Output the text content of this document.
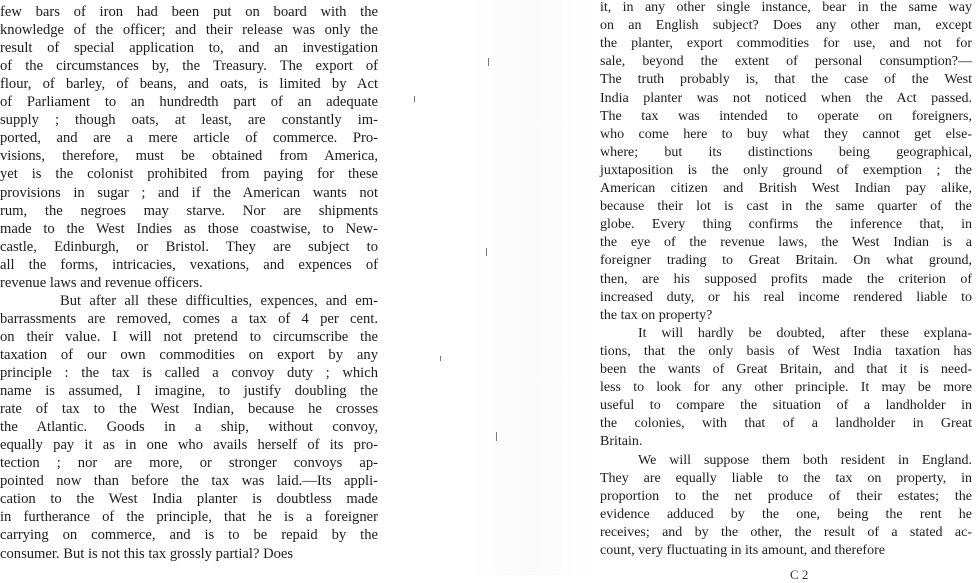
few bars of iron had been put on board with the
knowledge of the officer; and their release was only the
result of special application to, and an investigation
of the circumstances by, the Treasury. The export of
flour, of barley, of beans, and oats, is limited by Act
of Parliament to an hundredth part of an adequate
supply ; though oats, at least, are constantly im-
ported, and are a mere article of commerce. Pro-
visions, therefore, must be obtained from America,
yet is the colonist prohibited from paying for these
provisions in sugar ; and if the American wants not
rum, the negroes may starve. Nor are shipments
made to the West Indies as those coastwise, to New-
castle, Edinburgh, or Bristol. They are subject to
all the forms, intricacies, vexations, and expences of
revenue laws and revenue officers.
But after all these difficulties, expences, and em-
barrassments are removed, comes a tax of 4 per cent.
on their value. I will not pretend to circumscribe the
taxation of our own commodities on export by any
principle : the tax is called a convoy duty ; which
name is assumed, I imagine, to justify doubling the
rate of tax to the West Indian, because he crosses
the Atlantic. Goods in a ship, without convoy,
equally pay it as in one who avails herself of its pro-
tection ; nor are more, or stronger convoys ap-
pointed now than before the tax was laid.—Its appli-
cation to the West India planter is doubtless made
in furtherance of the principle, that he is a foreigner
carrying on commerce, and is to be repaid by the
consumer. But is not this tax grossly partial? Does
it, in any other single instance, bear in the same way
on an English subject? Does any other man, except
the planter, export commodities for use, and not for
sale, beyond the extent of personal consumption?—
The truth probably is, that the case of the West
India planter was not noticed when the Act passed.
The tax was intended to operate on foreigners,
who come here to buy what they cannot get else-
where; but its distinctions being geographical,
juxtaposition is the only ground of exemption ; the
American citizen and British West Indian pay alike,
because their lot is cast in the same quarter of the
globe. Every thing confirms the inference that, in
the eye of the revenue laws, the West Indian is a
foreigner trading to Great Britain. On what ground,
then, are his supposed profits made the criterion of
increased duty, or his real income rendered liable to
the tax on property?
It will hardly be doubted, after these explana-
tions, that the only basis of West India taxation has
been the wants of Great Britain, and that it is need-
less to look for any other principle. It may be more
useful to compare the situation of a landholder in
the colonies, with that of a landholder in Great
Britain.
We will suppose them both resident in England.
They are equally liable to the tax on property, in
proportion to the net produce of their estates; the
evidence adduced by the one, being the rent he
receives; and by the other, the result of a stated ac-
count, very fluctuating in its amount, and therefore
C 2
